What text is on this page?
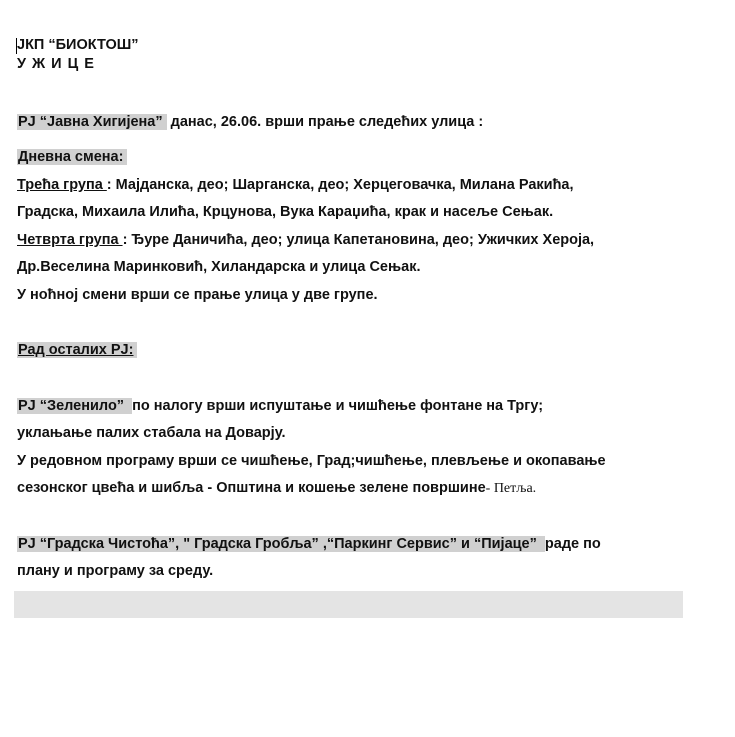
ЈКП “БИОКТОШ”
У Ж И Ц Е
РЈ “Јавна Хигијена” данас, 26.06. врши прање следећих улица :
Дневна смена:
Трећа група : Мајданска, део; Шарганска, део; Херцеговачка, Милана Ракића,
Градска, Михаила Илића, Крцунова, Вука Караџића, крак и насеље Сењак.
Четврта група : Ђуре Даничића, део; улица Капетановина, део; Ужичких Хероја,
Др.Веселина Маринковић, Хиландарска и улица Сењак.
У ноћној смени врши се прање улица у две групе.
Рад осталих РЈ:
РЈ “Зеленило” по налогу врши испуштање и чишћење фонтане на Тргу;
уклањање палих стабала на Доварју.
У редовном програму врши се чишћење, Град;чишћење, плевљење и окопавање
сезонског цвећа и шибља - Општина и кошење зелене површине- Петља.
РЈ “Градска Чистоћа”, " Градска Гробља” ,“Паркинг Сервис” и “Пијаце” раде по
плану и програму за среду.
